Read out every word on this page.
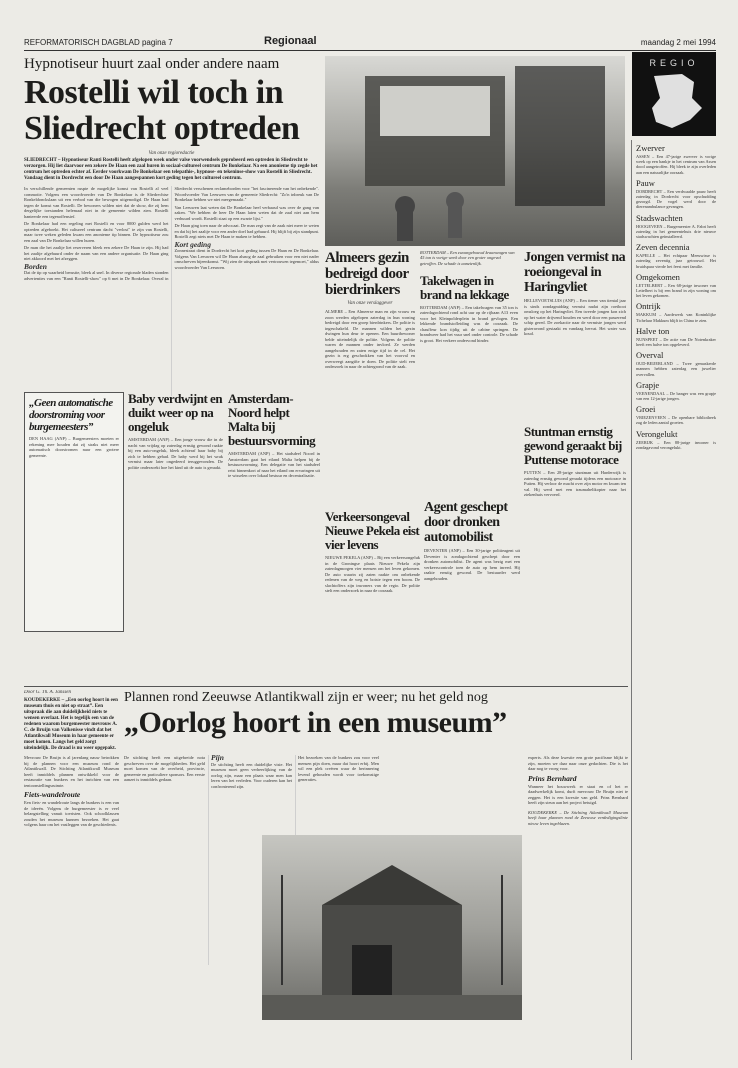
REFORMATORISCH DAGBLAD pagina 7	Regionaal	maandag 2 mei 1994
Hypnotiseur huurt zaal onder andere naam
Rostelli wil toch in Sliedrecht optreden
Van onze regioredactie
SLIEDRECHT – Hypnotiseur Ranti Rostelli heeft afgelopen week onder valse voorwendsels geprobeerd een optreden in Sliedrecht te verzorgen. Hij liet daarvoor een zekere De Haan een zaal huren in sociaal-cultureel centrum De Bonkelaar. Na een anonieme tip zegde het centrum het optreden echter af. Eerder voorkwam De Bonkelaar een telepathie-, hypnose- en tekeninse-show van Rostelli in Sliedrecht. Vandaag dient in Dordrecht een door De Haan aangespannen kort geding tegen het cultureel centrum.

In verschillende gemeenten ruspte de mogelijke komst van Rostelli al veel commotie. Volgens een woordvoerder van De Bonkelaar is de Sliedrechtse Ronkeldonckslaan uit een verbod van die bewogen uitgenodigd. De Haan had tegen de komst van Rostelli. De bewoners wilden niet dat de show, die zij hem dergelijke toestanden helemaal niet in de gemeente wilden zien. Rostelli hanteerde een tegenoffensief.

De Bonkelaar had een regeling met Rostelli en voor 8000 gulden werd het optreden afgeboekt. Het cultureel centrum dacht "verlost" te zijn van Rostelli, maar twee weken geleden kwam een anonieme tip binnen. De hypnotiseur zou een zaal van De Bonkelaar willen huren.

De man die het zaaltje liet reserveren bleek een zekere De Haan te zijn. Hij had het zaaltje afgehuurd onder de naam van een andere organisatie. De Haan ging niet akkoord met het afzeggen.

Borden

Dat de tip op waarheid berustte, bleek al snel. In diverse regionale bladen stonden advertenties van een "Ranti Rostelli-show" op 6 mei in De Bonkelaar. Overal in Sliedrecht verschenen reclameborden voor "het fascinerende van het onbekende". Woordvoerder Van Leeuwen van de gemeente Sliedrecht: "Zo'n inbreuk van De Bonkelaar hebben we niet meegemaakt."

Van Leeuwen laat weten dat De Bonkelaar heel verbaasd was over de gang van zaken. "We hebben de heer De Haan laten weten dat de zaal niet aan hem verhuurd wordt. Rostelli staat op een zwarte lijst."

De Haan ging toen naar de advocaat. De man zegt van de zaak niet meer te weten en dat hij het zaaltje voor een ander doel had gehuurd. Hij blijft bij zijn standpunt. Rostelli zegt niets met De Haan te maken te hebben.

Kort geding

Zonnestraat dient in Dordrecht het kort geding tussen De Haan en De Bonkelaar. Volgens Van Leeuwen wil De Haan alsnog de zaal gebruiken voor een niet nader omschreven bijeenkomst. "Wij zien de uitspraak met vertrouwen tegemoet," aldus woordvoerder Van Leeuwen.

Almeers gezin bedreigd door bierdrinkers
Van onze verslaggever
ALMERE – Een Almeerse man en zijn vrouw en zoon werden afgelopen zaterdag in hun woning bedreigd door een groep bierdrinkers. De politie is ingeschakeld. De mannen wilden het gezin dwingen hun deur te openen. Een buurtbewoner belde uiteindelijk de politie. Volgens de politie waren de mannen onder invloed. Ze werden aangehouden en zaten enige tijd in de cel. Het gezin is erg geschrokken van het voorval en overweegt aangifte te doen. De politie stelt een onderzoek in naar de achtergrond van de zaak.
ROTTERDAM – Een zwaargebouwd kraanwagen van 45 ton is vorige week door een groter ongeval getroffen. De schade is aanzienlijk.
Takelwagen in brand na lekkage
ROTTERDAM (ANP) – Een takelwagen van 35 ton is zaterdagochtend rond acht uur op de rijbaan A13 even voor het Kleinpolderplein in brand gevlogen. Een lekkende brandstofleiding was de oorzaak. De chauffeur kon tijdig uit de cabine springen. De brandweer had het vuur snel onder controle. De schade is groot. Het verkeer ondervond hinder.
Jongen vermist na roeiongeval in Haringvliet
HELLEVOETSLUIS (ANP) – Een tiener van tiental jaar is sinds zondagmiddag vermist nadat zijn roeiboot omsloeg op het Haringvliet. Een tweede jongen kon zich op het water drijvend houden en werd door een passerend schip gered. De zoekactie naar de vermiste jongen werd gisteravond gestaakt en vandaag hervat. Het water was koud.
Stuntman ernstig gewond geraakt bij Puttense motorace
PUTTEN – Een 28-jarige stuntman uit Harderwijk is zaterdag ernstig gewond geraakt tijdens een motorace in Putten. Hij verloor de macht over zijn motor en kwam ten val. Hij werd met een traumahelikopter naar het ziekenhuis vervoerd.
„Geen automatische doorstroming voor burgemeesters”
DEN HAAG (ANP) – Burgemeesters moeten er rekening mee houden dat zij straks niet meer automatisch doorstromen naar een grotere gemeente.
Baby verdwijnt en duikt weer op na ongeluk
AMSTERDAM (ANP) – Een jonge vrouw die in de nacht van vrijdag op zaterdag ernstig gewond raakte bij een auto-ongeluk, bleek achteraf haar baby bij zich te hebben gehad. De baby werd bij het wrak vermist maar later ongedeerd teruggevonden. De politie onderzoekt hoe het kind uit de auto is geraakt.
Amsterdam-Noord helpt Malta bij bestuursvorming
AMSTERDAM (ANP) – Het stadsdeel Noord in Amsterdam gaat het eiland Malta helpen bij de bestuursvorming. Een delegatie van het stadsdeel reist binnenkort af naar het eiland om ervaringen uit te wisselen over lokaal bestuur en decentralisatie.
Verkeersongeval Nieuwe Pekela eist vier levens
NIEUWE PEKELA (ANP) – Bij een verkeersongeluk in de Groningse plaats Nieuwe Pekela zijn zaterdagmorgen vier mensen om het leven gekomen. De auto waarin zij zaten raakte om onbekende redenen van de weg en botste tegen een boom. De slachtoffers zijn inwoners van de regio. De politie stelt een onderzoek in naar de oorzaak.
Agent geschept door dronken automobilist
DEVENTER (ANP) – Een 30-jarige politieagent uit Deventer is zondagochtend geschept door een dronken automobilist. De agent was bezig met een verkeerscontrole toen de auto op hem inreed. Hij raakte ernstig gewond. De bestuurder werd aangehouden.
Door G. Th. A. Janssen
KOUDEKERKE – „Een oorlog hoort in een museum thuis en niet op straat”. Een uitspraak die aan duidelijkheid niets te wensen overlaat. Het is tegelijk een van de redenen waarom burgemeester mevrouw A. C. de Bruijn van Valkenisse vindt dat het Atlantikwall Museum in haar gemeente er moet komen. Langs het geld zorgt uiteindelijk. De draad is nu weer opgepakt.
Mevrouw De Bruijn is al jarenlang nauw betrokken bij de plannen voor een museum rond de Atlantikwall. De Stichting Atlantikwall Museum heeft inmiddels plannen ontwikkeld voor de restauratie van bunkers en het inrichten van een tentoonstellingsruimte.
Fiets-wandelroute
Een fiets- en wandelroute langs de bunkers is een van de ideeën. Volgens de burgemeester is er veel belangstelling vanuit toeristen. Ook schoolklassen zouden het museum kunnen bezoeken. Het gaat volgens haar om het vastleggen van de geschiedenis.
Plannen rond Zeeuwse Atlantikwall zijn er weer; nu het geld nog
„Oorlog hoort in een museum”

De stichting heeft een uitgebreide nota geschreven over de mogelijkheden. Het geld moet komen van de overheid, provincie, gemeente en particuliere sponsors. Een eerste aanzet is inmiddels gedaan.

Pijn

De stichting heeft een duidelijke visie. Het museum moet geen verheerlijking van de oorlog zijn, maar een plaats waar men kan leren van het verleden. Voor ouderen kan het confronterend zijn.

Het bezoeken van de bunkers zou voor veel mensen pijn doen, maar dat hoort erbij. Men wil een plek creëren waar de herinnering levend gehouden wordt voor toekomstige generaties.

experts. Als deze kwestie een grote pacifisme blijkt te zijn, moeten we daar naar onze gedachten. Die is het daar nog te vroeg voor.
Prins Bernhard
Wanneer het bouwwerk er staat en of het er daadwerkelijk komt, durft mevrouw De Bruijn niet te zeggen. Het is een kwestie van geld. Prins Bernhard heeft zijn steun aan het project betuigd.
KOUDEKERKE – De Stichting Atlantikwall Museum heeft haar plannen rond de Zeeuwse verdedigingslinie nieuw leven ingeblazen.
REGIO
Zwerver
ASSEN – Een 47-jarige zwerver is vorige week op een bankje in het centrum van Assen dood aangetroffen. Hij bleek te zijn overleden aan een natuurlijke oorzaak.
Pauw
DORDRECHT – Een verdwaalde pauw heeft zaterdag in Dordrecht voor opschudding gezorgd. De vogel werd door de dierenambulance gevangen.
Stadswachten
HOOGEVEEN – Burgemeester A. Fabri heeft zaterdag in het gemeentehuis drie nieuwe stadswachten geïnstalleerd.
Zeven decennia
KAPELLE – Het echtpaar Meeuwisse is zaterdag zeventig jaar getrouwd. Het bruidspaar vierde het feest met familie.
Omgekomen
LETTELBERT – Een 68-jarige inwoner van Lettelbert is bij een brand in zijn woning om het leven gekomen.
Ontrijk
MAKKUM – Aardewerk van Koninklijke Tichelaar Makkum blijft in China te zien.
Halve ton
NUNSPEET – De actie van De Notenkraker heeft een halve ton opgeleverd.
Overval
OUD-BEIJERLAND – Twee gemaskerde mannen hebben zaterdag een juwelier overvallen.
Grapje
VEENENDAAL – De banger was een grapje van een 12-jarige jongen.
Groei
VRIEZENVEEN – De openbare bibliotheek zag de leden aantal groeien.
Verongelukt
ZEERIJK – Een 88-jarige inwoner is zondagavond verongelukt.
